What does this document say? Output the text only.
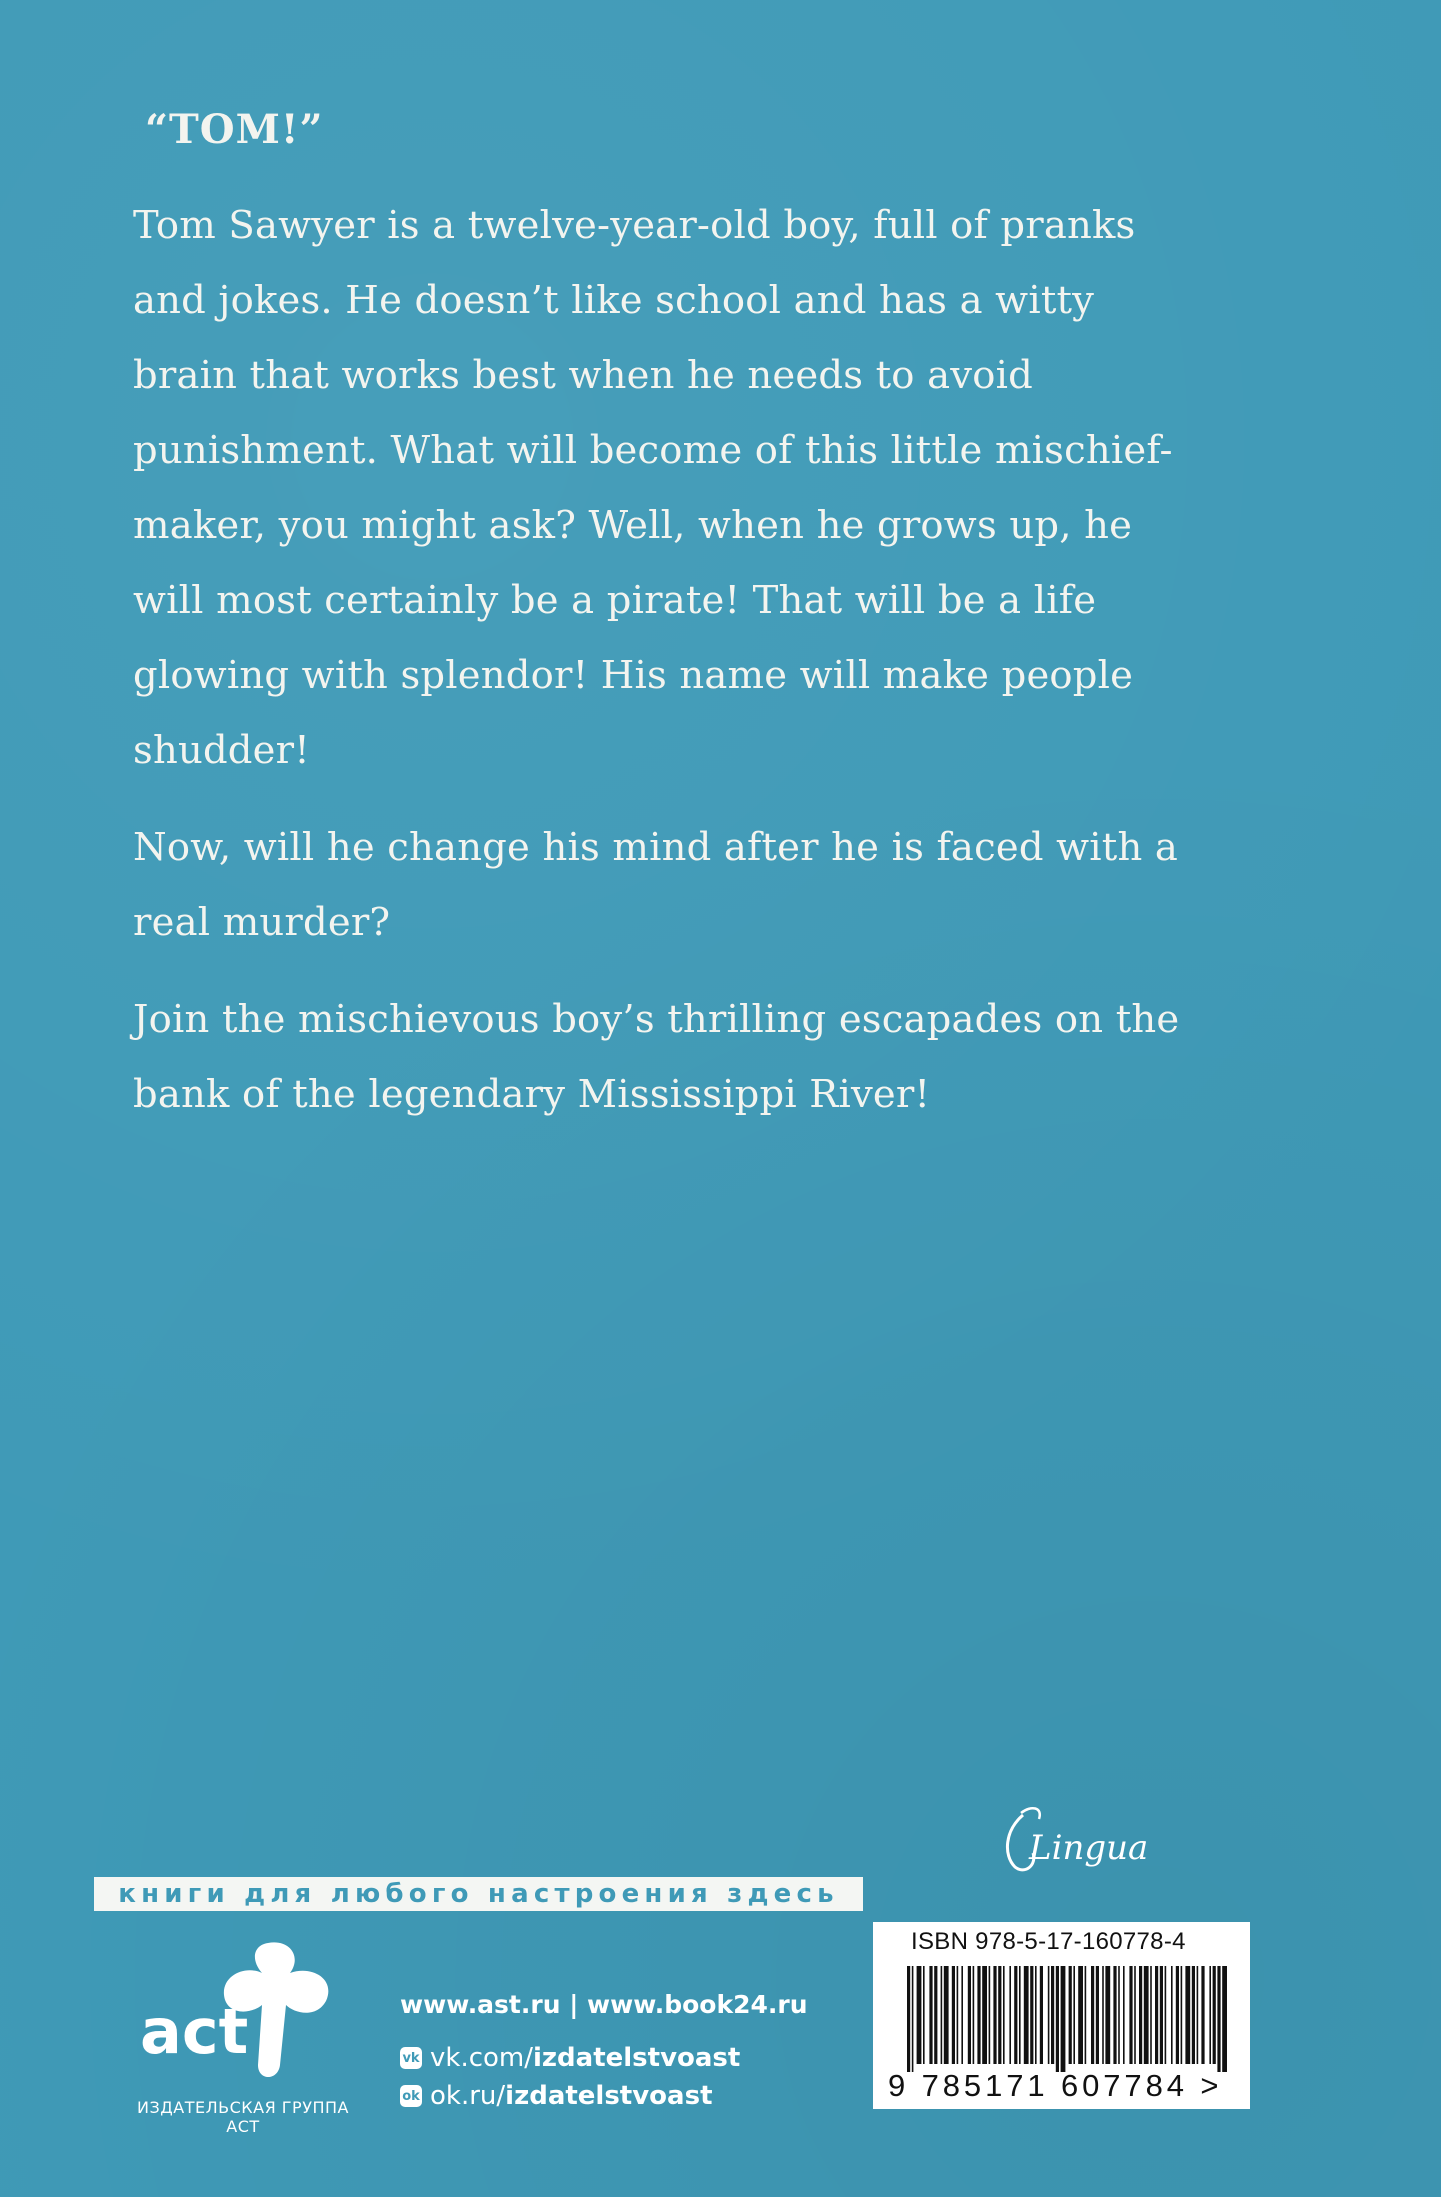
“TOM!”

Tom Sawyer is a twelve-year-old boy, full of pranks and jokes. He doesn’t like school and has a witty brain that works best when he needs to avoid punishment. What will become of this little mischief-maker, you might ask? Well, when he grows up, he will most certainly be a pirate! That will be a life glowing with splendor! His name will make people shudder!

Now, will he change his mind after he is faced with a real murder?

Join the mischievous boy’s thrilling escapades on the bank of the legendary Mississippi River!

Lingua
книги для любого настроения здесь
act
ИЗДАТЕЛЬСКАЯ ГРУППА АСТ
www.ast.ru | www.book24.ru
vk vk.com/ izdatelstvoast
ok ok.ru/ izdatelstvoast
ISBN 978-5-17-160778-4
9 785171 607784 >
